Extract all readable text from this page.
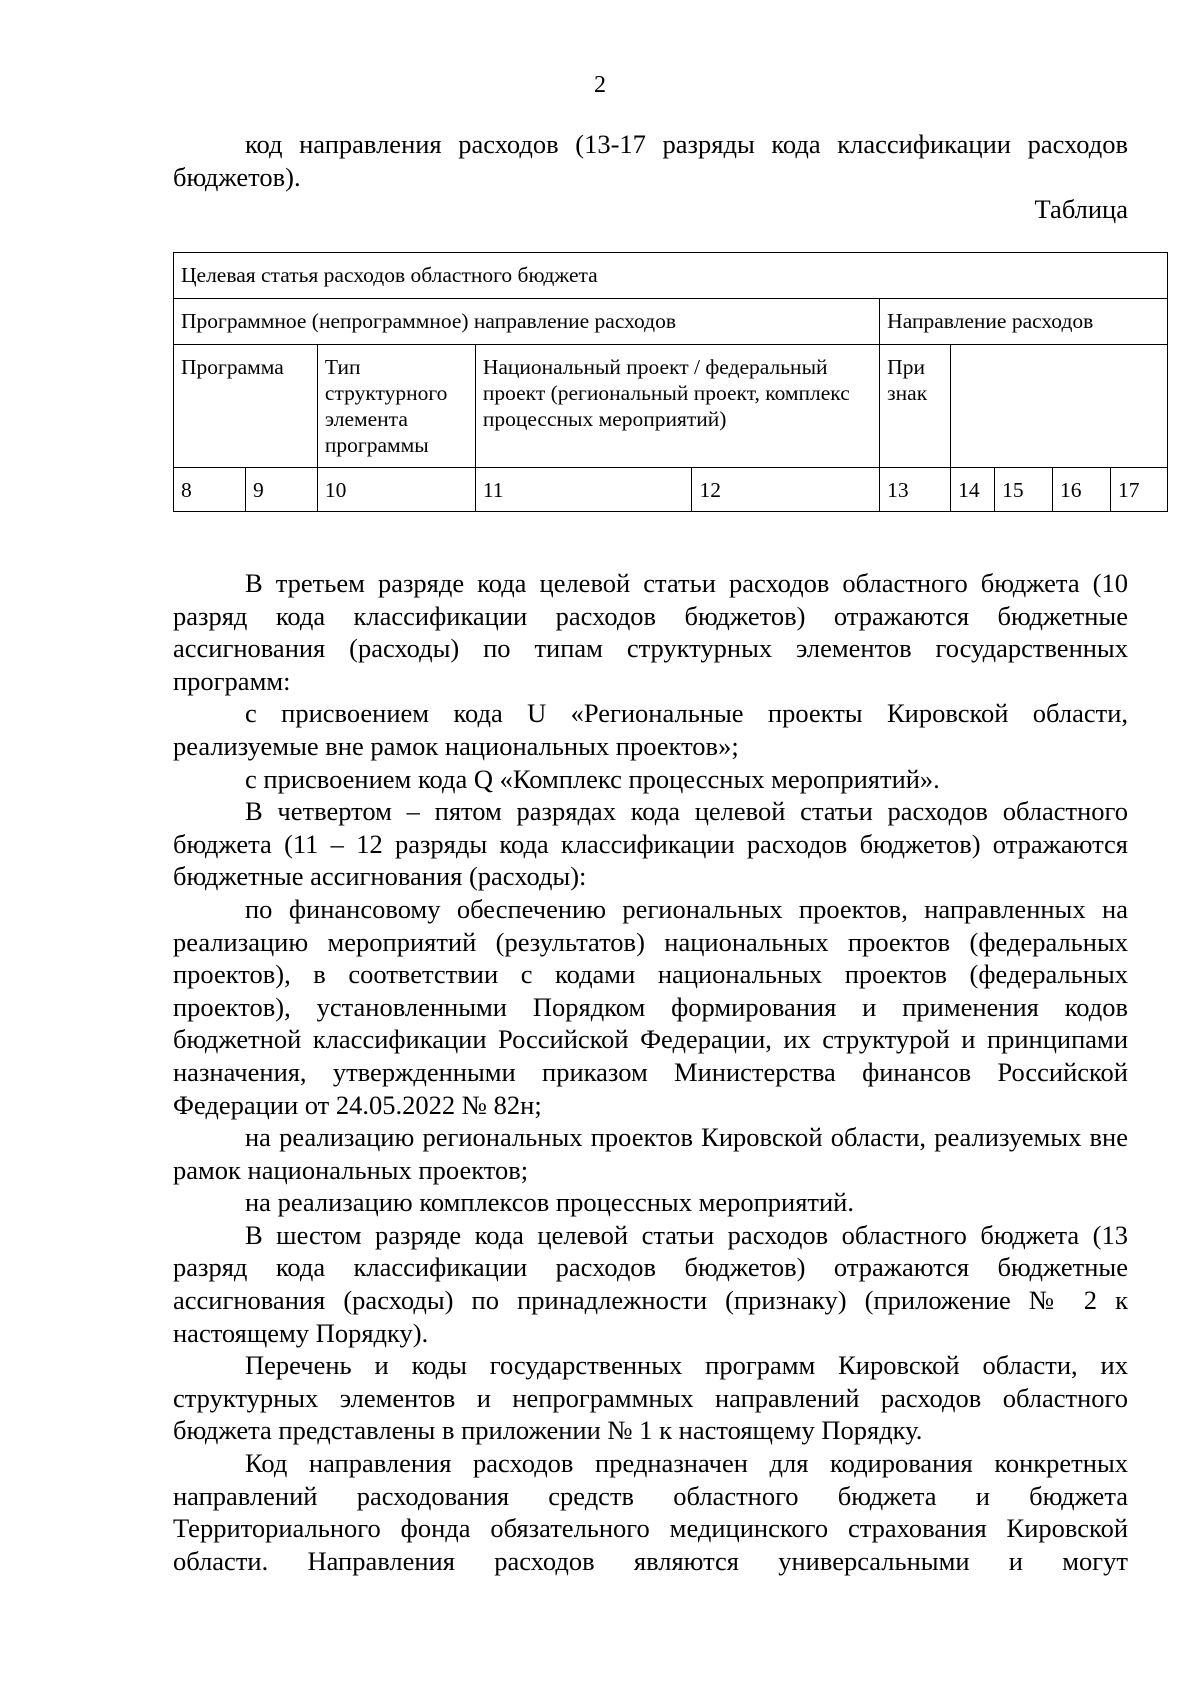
2

код направления расходов (13-17 разряды кода классификации расходов бюджетов).

Таблица
Целевая статья расходов областного бюджета									
Программное (непрограммное) направление расходов					Направление расходов				
Программа		Тип структурного элемента программы	Национальный проект / федеральный проект (региональный проект, комплекс процессных мероприятий)		При знак				
8	9	10	11	12	13	14	15	16	17

В третьем разряде кода целевой статьи расходов областного бюджета (10 разряд кода классификации расходов бюджетов) отражаются бюджетные ассигнования (расходы) по типам структурных элементов государственных программ:

с присвоением кода U «Региональные проекты Кировской области, реализуемые вне рамок национальных проектов»;

с присвоением кода Q «Комплекс процессных мероприятий».

В четвертом – пятом разрядах кода целевой статьи расходов областного бюджета (11 – 12 разряды кода классификации расходов бюджетов) отражаются бюджетные ассигнования (расходы):

по финансовому обеспечению региональных проектов, направленных на реализацию мероприятий (результатов) национальных проектов (федеральных проектов), в соответствии с кодами национальных проектов (федеральных проектов), установленными Порядком формирования и применения кодов бюджетной классификации Российской Федерации, их структурой и принципами назначения, утвержденными приказом Министерства финансов Российской Федерации от 24.05.2022 № 82н;

на реализацию региональных проектов Кировской области, реализуемых вне рамок национальных проектов;

на реализацию комплексов процессных мероприятий.

В шестом разряде кода целевой статьи расходов областного бюджета (13 разряд кода классификации расходов бюджетов) отражаются бюджетные ассигнования (расходы) по принадлежности (признаку) (приложение № 2 к настоящему Порядку).

Перечень и коды государственных программ Кировской области, их структурных элементов и непрограммных направлений расходов областного бюджета представлены в приложении № 1 к настоящему Порядку.

Код направления расходов предназначен для кодирования конкретных направлений расходования средств областного бюджета и бюджета Территориального фонда обязательного медицинского страхования Кировской области. Направления расходов являются универсальными и могут
